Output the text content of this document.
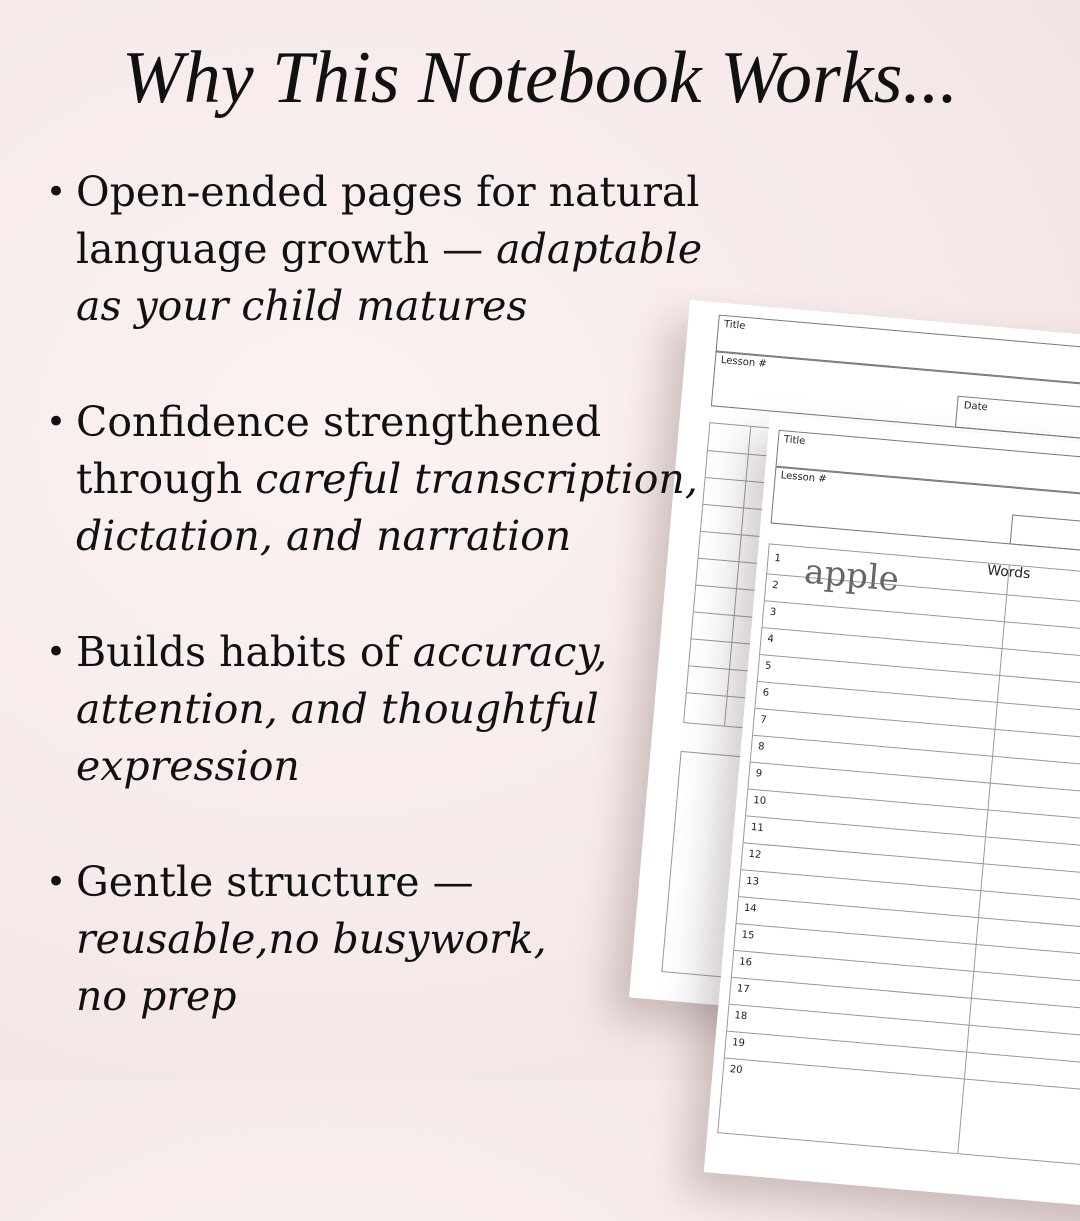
Why This Notebook Works...
• Open-ended pages for natural
language growth — adaptable
as your child matures
• Confidence strengthened
through careful transcription,
dictation, and narration
• Builds habits of accuracy,
attention, and thoughtful
expression
• Gentle structure —
reusable,no busywork,
no prep
Title
Lesson #
Date
Title
Lesson #
Words
1
2
3
4
5
6
7
8
9
10
11
12
13
14
15
16
17
18
19
20
apple
